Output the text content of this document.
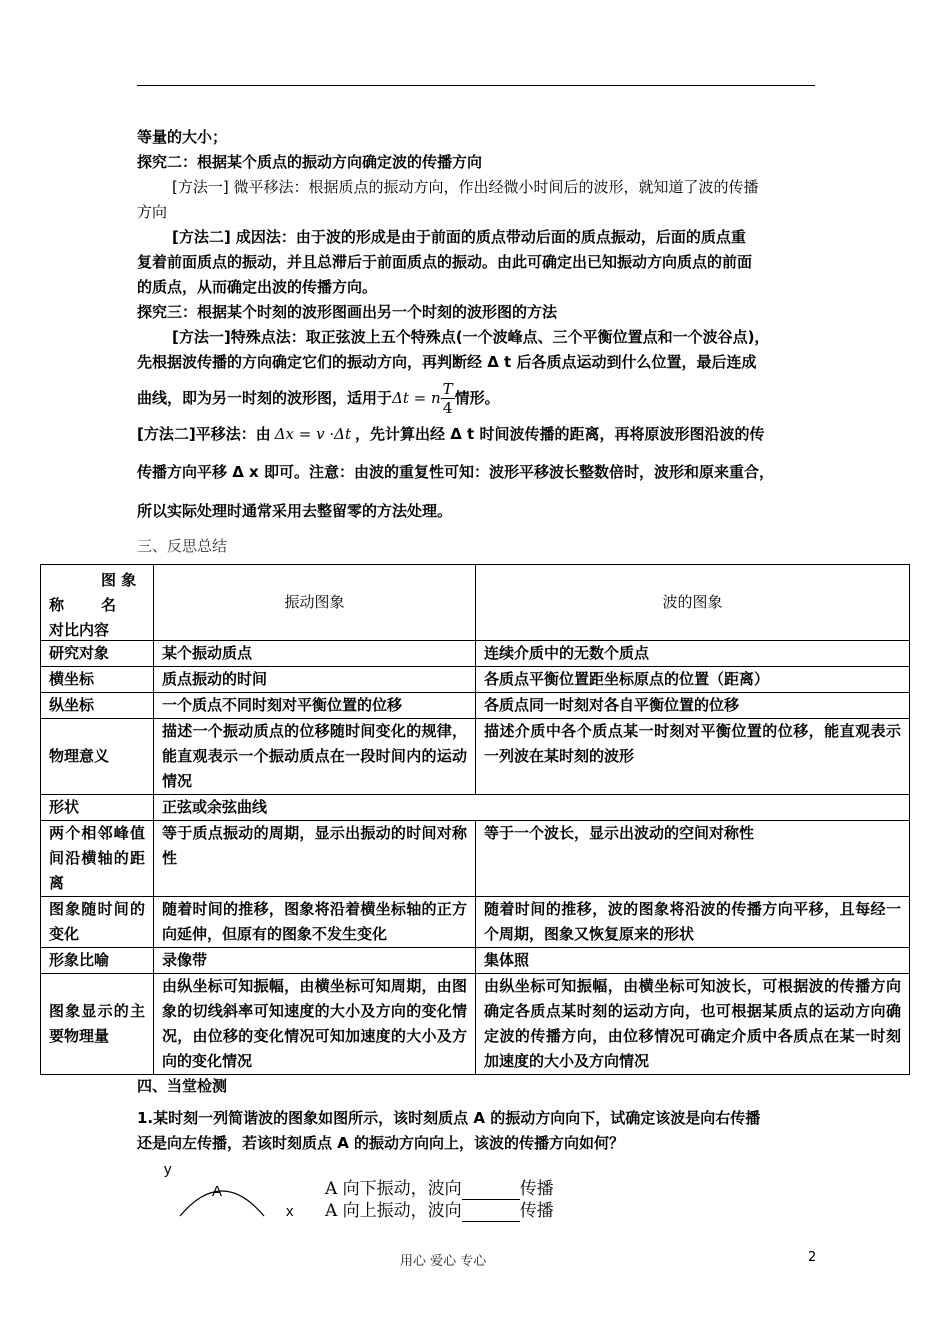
等量的大小；
探究二：根据某个质点的振动方向确定波的传播方向
[方法一] 微平移法：根据质点的振动方向，作出经微小时间后的波形，就知道了波的传播
方向
[方法二] 成因法：由于波的形成是由于前面的质点带动后面的质点振动，后面的质点重
复着前面质点的振动，并且总滞后于前面质点的振动。由此可确定出已知振动方向质点的前面
的质点，从而确定出波的传播方向。
探究三：根据某个时刻的波形图画出另一个时刻的波形图的方法
[方法一]特殊点法：取正弦波上五个特殊点(一个波峰点、三个平衡位置点和一个波谷点)，
先根据波传播的方向确定它们的振动方向，再判断经 Δ t 后各质点运动到什么位置，最后连成
曲线，即为另一时刻的波形图，适用于Δt = n $\frac{T}{4}$ 情形。
[方法二]平移法：由 Δx = v ·Δt ，先计算出经 Δ t 时间波传播的距离，再将原波形图沿波的传
传播方向平移 Δ x 即可。注意：由波的重复性可知：波形平移波长整数倍时，波形和原来重合，
所以实际处理时通常采用去整留零的方法处理。
三、反思总结
图 象 名
称
对比内容	振动图象	波的图象
研究对象	某个振动质点	连续介质中的无数个质点
横坐标	质点振动的时间	各质点平衡位置距坐标原点的位置（距离）
纵坐标	一个质点不同时刻对平衡位置的位移	各质点同一时刻对各自平衡位置的位移
物理意义	描述一个振动质点的位移随时间变化的规律，能直观表示一个振动质点在一段时间内的运动情况	描述介质中各个质点某一时刻对平衡位置的位移，能直观表示一列波在某时刻的波形
形状	正弦或余弦曲线	
两个相邻峰值间沿横轴的距离	等于质点振动的周期，显示出振动的时间对称性	等于一个波长，显示出波动的空间对称性
图象随时间的变化	随着时间的推移，图象将沿着横坐标轴的正方向延伸，但原有的图象不发生变化	随着时间的推移，波的图象将沿波的传播方向平移，且每经一个周期，图象又恢复原来的形状
形象比喻	录像带	集体照
图象显示的主要物理量	由纵坐标可知振幅，由横坐标可知周期，由图象的切线斜率可知速度的大小及方向的变化情况，由位移的变化情况可知加速度的大小及方向的变化情况	由纵坐标可知振幅，由横坐标可知波长，可根据波的传播方向确定各质点某时刻的运动方向，也可根据某质点的运动方向确定波的传播方向，由位移情况可确定介质中各质点在某一时刻加速度的大小及方向情况
四、当堂检测
1.某时刻一列简谐波的图象如图所示，该时刻质点 A 的振动方向向下，试确定该波是向右传播
还是向左传播，若该时刻质点 A 的振动方向向上，该波的传播方向如何？
y
A
x
A 向下振动，波向	传播
A 向上振动，波向	传播
用心 爱心 专心	2
